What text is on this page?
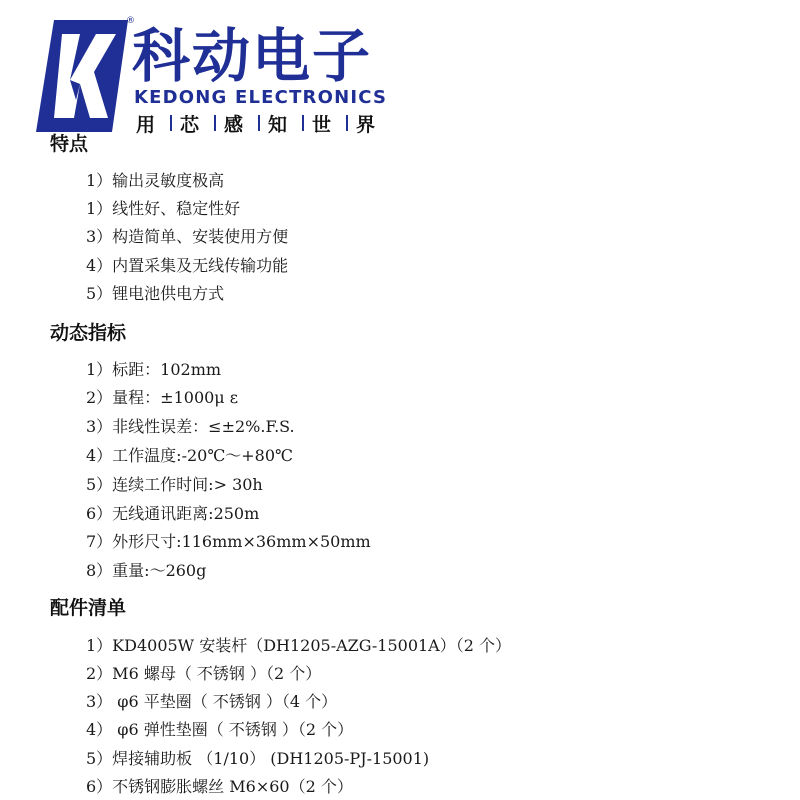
®
科动电子
KEDONG ELECTRONICS
用	芯	感	知	世	界
特点
1）输出灵敏度极高
1）线性好、稳定性好
3）构造简单、安装使用方便
4）内置采集及无线传输功能
5）锂电池供电方式
动态指标
1）标距：102mm
2）量程：±1000μ ε
3）非线性误差：≤±2%.F.S.
4）工作温度:-20℃～+80℃
5）连续工作时间:> 30h
6）无线通讯距离:250m
7）外形尺寸:116mm×36mm×50mm
8）重量:～260g
配件清单
1）KD4005W 安装杆（DH1205-AZG-15001A）（2 个）
2）M6 螺母（ 不锈钢 ）（2 个）
3） φ6 平垫圈（ 不锈钢 ）（4 个）
4） φ6 弹性垫圈（ 不锈钢 ）（2 个）
5）焊接辅助板 （1/10） (DH1205-PJ-15001)
6）不锈钢膨胀螺丝 M6×60（2 个）
